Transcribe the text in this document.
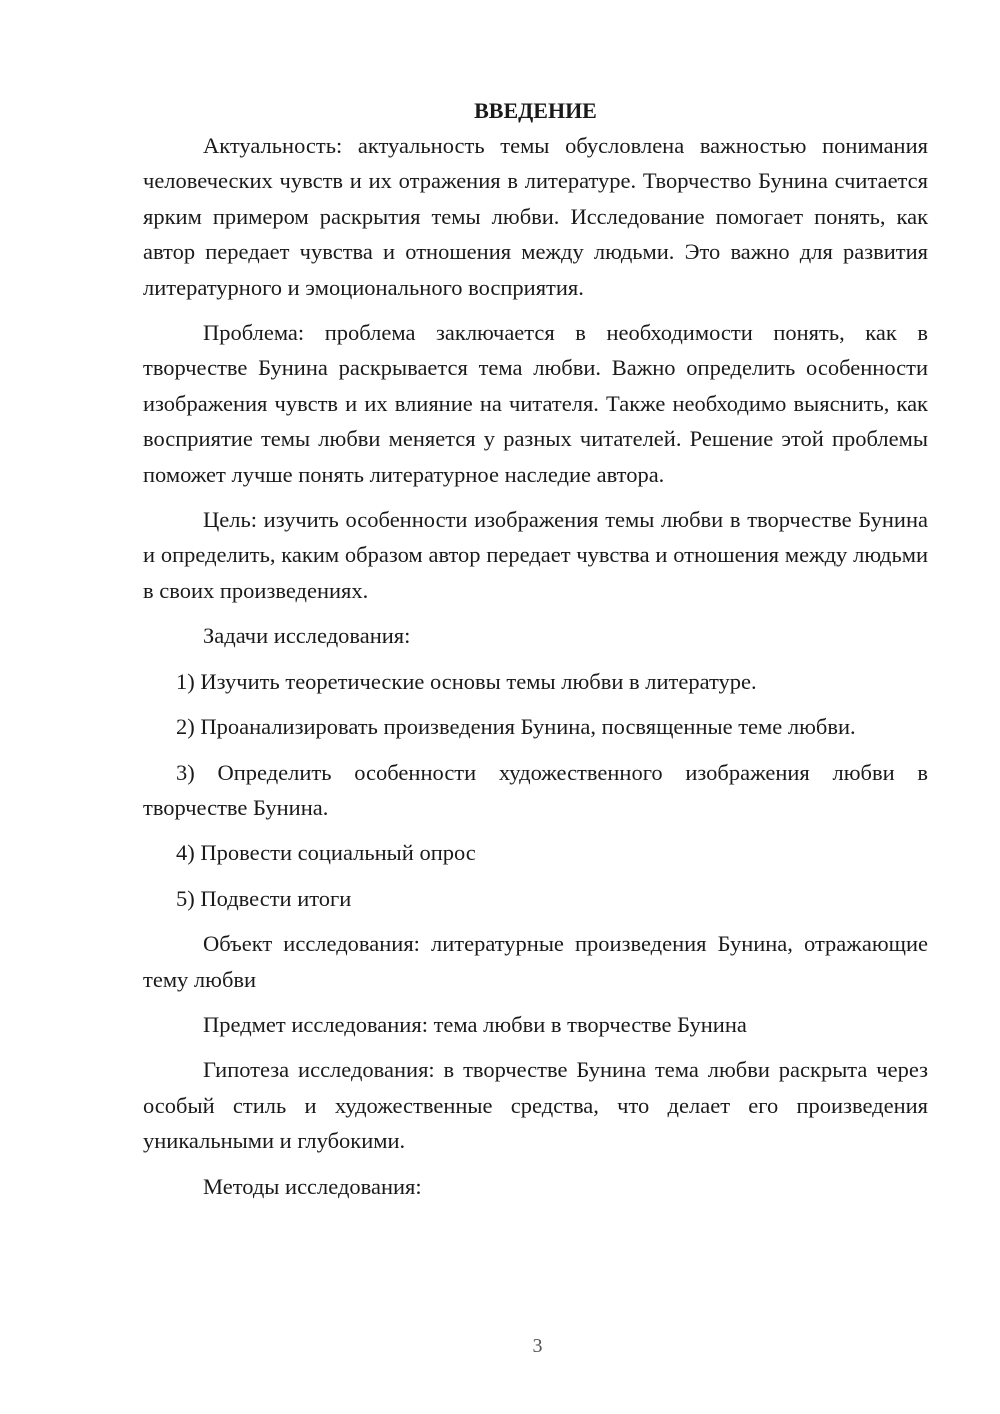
ВВЕДЕНИЕ

Актуальность: актуальность темы обусловлена важностью понимания человеческих чувств и их отражения в литературе. Творчество Бунина считается ярким примером раскрытия темы любви. Исследование помогает понять, как автор передает чувства и отношения между людьми. Это важно для развития литературного и эмоционального восприятия.

Проблема: проблема заключается в необходимости понять, как в творчестве Бунина раскрывается тема любви. Важно определить особенности изображения чувств и их влияние на читателя. Также необходимо выяснить, как восприятие темы любви меняется у разных читателей. Решение этой проблемы поможет лучше понять литературное наследие автора.

Цель: изучить особенности изображения темы любви в творчестве Бунина и определить, каким образом автор передает чувства и отношения между людьми в своих произведениях.

Задачи исследования:

1) Изучить теоретические основы темы любви в литературе.

2) Проанализировать произведения Бунина, посвященные теме любви.

3) Определить особенности художественного изображения любви в творчестве Бунина.

4) Провести социальный опрос

5) Подвести итоги

Объект исследования: литературные произведения Бунина, отражающие тему любви

Предмет исследования: тема любви в творчестве Бунина

Гипотеза исследования: в творчестве Бунина тема любви раскрыта через особый стиль и художественные средства, что делает его произведения уникальными и глубокими.

Методы исследования:

3
